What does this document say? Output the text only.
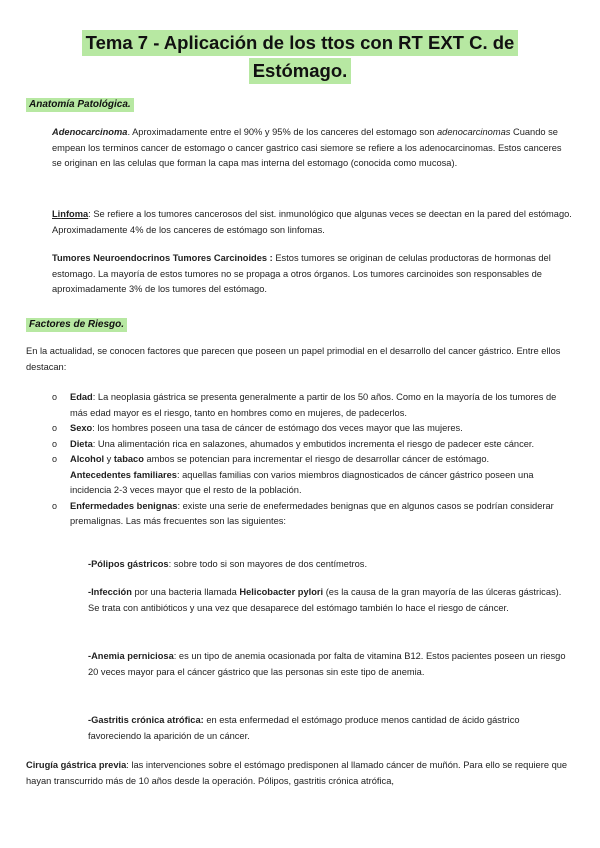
Tema 7 - Aplicación de los ttos con RT EXT C. de
Estómago.
Anatomía Patológica.

Adenocarcinoma. Aproximadamente entre el 90% y 95% de los canceres del estomago son adenocarcinomas Cuando se empean los terminos cancer de estomago o cancer gastrico casi siemore se refiere a los adenocarcinomas. Estos canceres se originan en las celulas que forman la capa mas interna del estomago (conocida como mucosa).

Linfoma: Se refiere a los tumores cancerosos del sist. inmunológico que algunas veces se deectan en la pared del estómago. Aproximadamente 4% de los canceres de estómago son linfomas.

Tumores Neuroendocrinos Tumores Carcinoides : Estos tumores se originan de celulas productoras de hormonas del estomago. La mayoría de estos tumores no se propaga a otros órganos. Los tumores carcinoides son responsables de aproximadamente 3% de los tumores del estómago.

Factores de Riesgo.

En la actualidad, se conocen factores que parecen que poseen un papel primodial en el desarrollo del cancer gástrico. Entre ellos destacan:

o Edad: La neoplasia gástrica se presenta generalmente a partir de los 50 años. Como en la mayoría de los tumores de más edad mayor es el riesgo, tanto en hombres como en mujeres, de padecerlos.
o Sexo: los hombres poseen una tasa de cáncer de estómago dos veces mayor que las mujeres.
o Dieta: Una alimentación rica en salazones, ahumados y embutidos incrementa el riesgo de padecer este cáncer.
o Alcohol y tabaco ambos se potencian para incrementar el riesgo de desarrollar cáncer de estómago.
Antecedentes familiares: aquellas familias con varios miembros diagnosticados de cáncer gástrico poseen una incidencia 2-3 veces mayor que el resto de la población.
o Enfermedades benignas: existe una serie de enefermedades benignas que en algunos casos se podrían considerar premalignas. Las más frecuentes son las siguientes:

-Pólipos gástricos: sobre todo si son mayores de dos centímetros.

-Infección por una bacteria llamada Helicobacter pylori (es la causa de la gran mayoría de las úlceras gástricas). Se trata con antibióticos y una vez que desaparece del estómago también lo hace el riesgo de cáncer.

-Anemia perniciosa: es un tipo de anemia ocasionada por falta de vitamina B12. Estos pacientes poseen un riesgo 20 veces mayor para el cáncer gástrico que las personas sin este tipo de anemia.

-Gastritis crónica atrófica: en esta enfermedad el estómago produce menos cantidad de ácido gástrico favoreciendo la aparición de un cáncer.

Cirugía gástrica previa: las intervenciones sobre el estómago predisponen al llamado cáncer de muñón. Para ello se requiere que hayan transcurrido más de 10 años desde la operación. Pólipos, gastritis crónica atrófica,
